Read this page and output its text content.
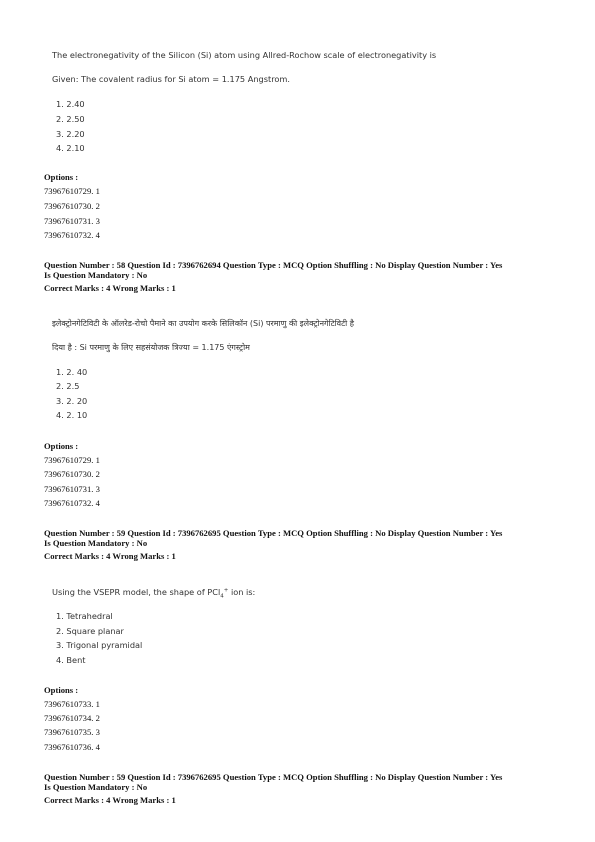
The electronegativity of the Silicon (Si) atom using Allred-Rochow scale of electronegativity is
Given: The covalent radius for Si atom = 1.175 Angstrom.
1. 2.40
2. 2.50
3. 2.20
4. 2.10
Options :
73967610729. 1
73967610730. 2
73967610731. 3
73967610732. 4
Question Number : 58 Question Id : 7396762694 Question Type : MCQ Option Shuffling : No Display Question Number : Yes
Is Question Mandatory : No
Correct Marks : 4 Wrong Marks : 1
इलेक्ट्रोनगेटिविटी के ऑलरेड-रोचो पैमाने का उपयोग करके सिलिकॉन (Si) परमाणु की इलेक्ट्रोनगेटिविटी है
दिया है : Si परमाणु के लिए सहसंयोजक त्रिज्या = 1.175 एंगस्ट्रोम
1. 2. 40
2. 2.5
3. 2. 20
4. 2. 10
Options :
73967610729. 1
73967610730. 2
73967610731. 3
73967610732. 4
Question Number : 59 Question Id : 7396762695 Question Type : MCQ Option Shuffling : No Display Question Number : Yes
Is Question Mandatory : No
Correct Marks : 4 Wrong Marks : 1
Using the VSEPR model, the shape of PCl$_4$+ ion is:
1. Tetrahedral
2. Square planar
3. Trigonal pyramidal
4. Bent
Options :
73967610733. 1
73967610734. 2
73967610735. 3
73967610736. 4
Question Number : 59 Question Id : 7396762695 Question Type : MCQ Option Shuffling : No Display Question Number : Yes
Is Question Mandatory : No
Correct Marks : 4 Wrong Marks : 1
